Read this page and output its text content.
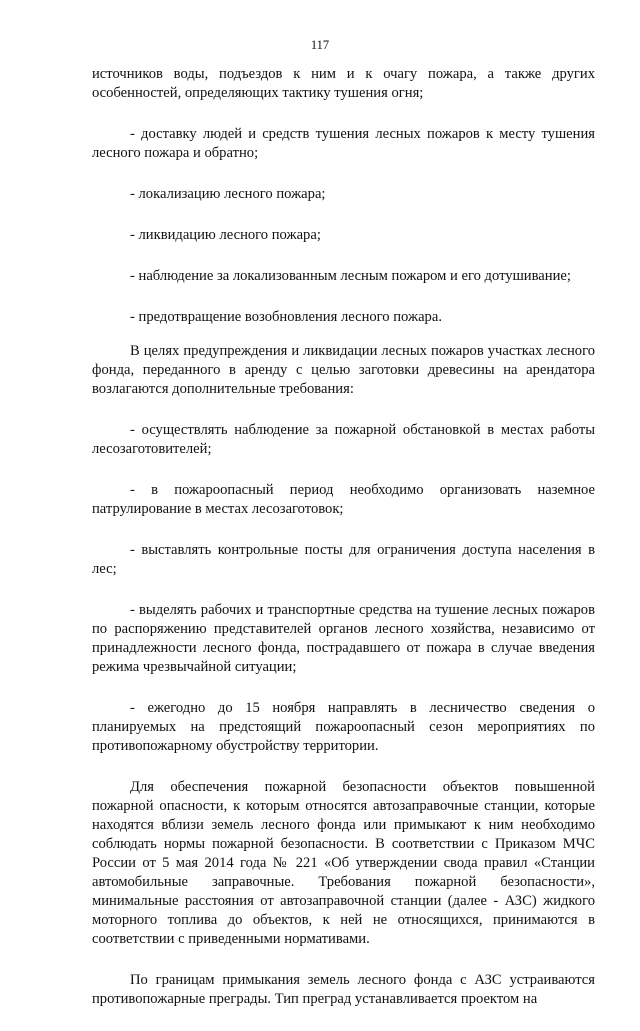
117

источников воды, подъездов к ним и к очагу пожара, а также других особенностей, определяющих тактику тушения огня;

- доставку людей и средств тушения лесных пожаров к месту тушения лесного пожара и обратно;

- локализацию лесного пожара;

- ликвидацию лесного пожара;

- наблюдение за локализованным лесным пожаром и его дотушивание;

- предотвращение возобновления лесного пожара.

В целях предупреждения и ликвидации лесных пожаров участках лесного фонда, переданного в аренду с целью заготовки древесины на арендатора возлагаются дополнительные требования:

- осуществлять наблюдение за пожарной обстановкой в местах работы лесозаготовителей;

- в пожароопасный период необходимо организовать наземное патрулирование в местах лесозаготовок;

- выставлять контрольные посты для ограничения доступа населения в лес;

- выделять рабочих и транспортные средства на тушение лесных пожаров по распоряжению представителей органов лесного хозяйства, независимо от принадлежности лесного фонда, пострадавшего от пожара в случае введения режима чрезвычайной ситуации;

- ежегодно до 15 ноября направлять в лесничество сведения о планируемых на предстоящий пожароопасный сезон мероприятиях по противопожарному обустройству территории.

Для обеспечения пожарной безопасности объектов повышенной пожарной опасности, к которым относятся автозаправочные станции, которые находятся вблизи земель лесного фонда или примыкают к ним необходимо соблюдать нормы пожарной безопасности. В соответствии с Приказом МЧС России от 5 мая 2014 года № 221 «Об утверждении свода правил «Станции автомобильные заправочные. Требования пожарной безопасности», минимальные расстояния от автозаправочной станции (далее - АЗС) жидкого моторного топлива до объектов, к ней не относящихся, принимаются в соответствии с приведенными нормативами.

По границам примыкания земель лесного фонда с АЗС устраиваются противопожарные преграды. Тип преград устанавливается проектом на
